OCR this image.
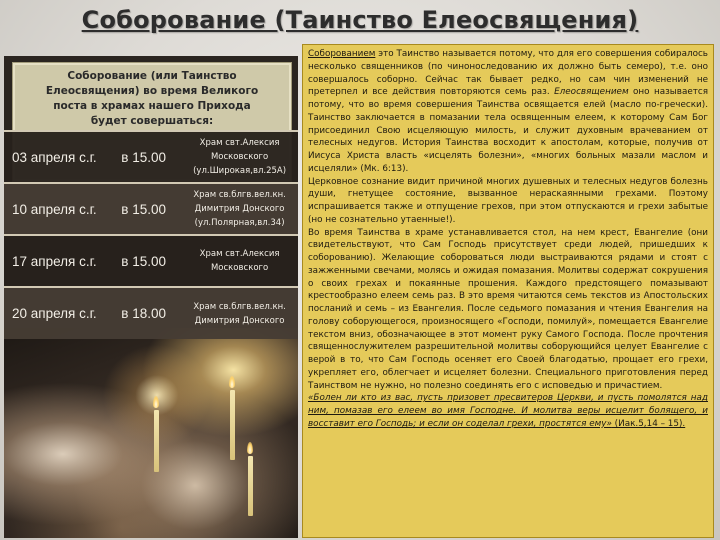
Соборование (Таинство Елеосвящения)
Соборование (или Таинство
Елеосвящения) во время Великого
поста в храмах нашего Прихода
будет совершаться:
03 апреля с.г.	в 15.00	Храм свт.Алексия
Московского
(ул.Широкая,вл.25А)
10 апреля с.г.	в 15.00	Храм св.блгв.вел.кн.
Димитрия Донского
(ул.Полярная,вл.34)
17 апреля с.г.	в 15.00	Храм свт.Алексия
Московского
20 апреля с.г.	в 18.00	Храм св.блгв.вел.кн.
Димитрия Донского

Соборованием это Таинство называется потому, что для его совершения собиралось несколько священников (по чиноноследованию их должно быть семеро), т.е. оно совершалось соборно. Сейчас так бывает редко, но сам чин изменений не претерпел и все действия повторяются семь раз. Елеосвящением оно называется потому, что во время совершения Таинства освящается елей (масло по-гречески). Таинство заключается в помазании тела освященным елеем, к которому Сам Бог присоединил Свою исцеляющую милость, и служит духовным врачеванием от телесных недугов. История Таинства восходит к апостолам, которые, получив от Иисуса Христа власть «исцелять болезни», «многих больных мазали маслом и исцеляли» (Мк. 6:13).

Церковное сознание видит причиной многих душевных и телесных недугов болезнь души, гнетущее состояние, вызванное нераскаянными грехами. Поэтому испрашивается также и отпущение грехов, при этом отпускаются и грехи забытые (но не сознательно утаенные!).

Во время Таинства в храме устанавливается стол, на нем крест, Евангелие (они свидетельствуют, что Сам Господь присутствует среди людей, пришедших к соборованию). Желающие собороваться люди выстраиваются рядами и стоят с зажженными свечами, молясь и ожидая помазания. Молитвы содержат сокрушения о своих грехах и покаянные прошения. Каждого предстоящего помазывают крестообразно елеем семь раз. В это время читаются семь текстов из Апостольских посланий и семь – из Евангелия. После седьмого помазания и чтения Евангелия на голову соборующегося, произносящего «Господи, помилуй», помещается Евангелие текстом вниз, обозначающее в этот момент руку Самого Господа. После прочтения священнослужителем разрешительной молитвы соборующийся целует Евангелие с верой в то, что Сам Господь осеняет его Своей благодатью, прощает его грехи, укрепляет его, облегчает и исцеляет болезни. Специального приготовления перед Таинством не нужно, но полезно соединять его с исповедью и причастием.

«Болен ли кто из вас, пусть призовет пресвитеров Церкви, и пусть помолятся над ним, помазав его елеем во имя Господне. И молитва веры исцелит болящего, и восставит его Господь; и если он соделал грехи, простятся ему» (Иак.5,14 – 15).
